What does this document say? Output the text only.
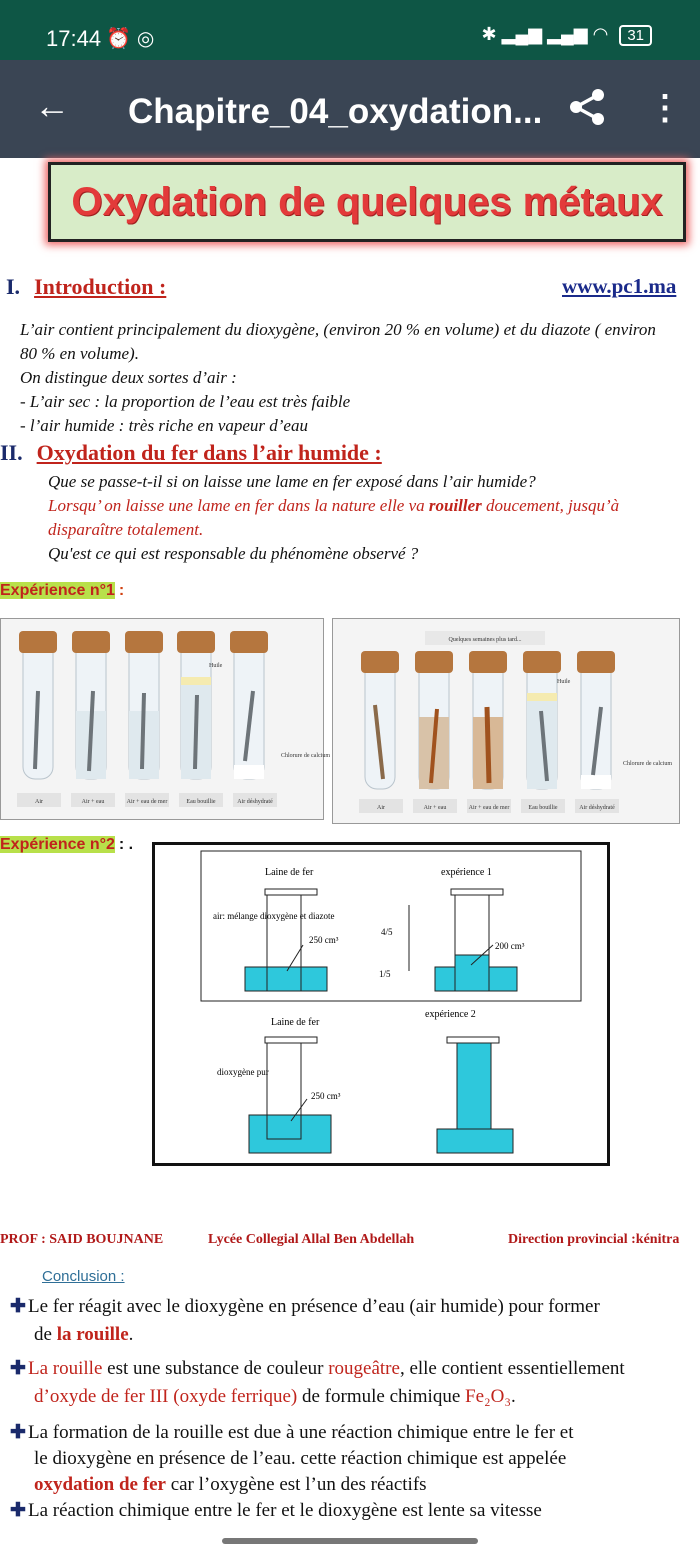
17:44 ⏰◎	✱ ▂▄▆ ▂▄▆ ◠ 31
← Chapitre_04_oxydation...	⋮
Oxydation de quelques métaux
I. Introduction :	www.pc1.ma
L’air contient principalement du dioxygène, (environ 20 % en volume) et du diazote ( environ
80 % en volume).
On distingue deux sortes d’air :
- L’air sec : la proportion de l’eau est très faible
- l’air humide : très riche en vapeur d’eau
II. Oxydation du fer dans l’air humide :
Que se passe-t-il si on laisse une lame en fer exposé dans l’air humide?
Lorsqu’ on laisse une lame en fer dans la nature elle va rouiller doucement, jusqu’à
disparaître totalement.
Qu'est ce qui est responsable du phénomène observé ?
Expérience n°1 :
Huile
Chlorure de calcium
Air	Air + eau	Air + eau de mer	Eau bouillie	Air déshydraté
Quelques semaines plus tard...
Huile
Chlorure de calcium
Air	Air + eau	Air + eau de mer	Eau bouillie	Air déshydraté
Expérience n°2 : .
Laine de fer
air: mélange dioxygène et diazote
250 cm³
expérience 1
4/5
1/5
200 cm³
Laine de fer
dioxygène pur
250 cm³
expérience 2
PROF : SAID BOUJNANE	Lycée Collegial Allal Ben Abdellah	Direction provincial :kénitra
Conclusion :
✚ Le fer réagit avec le dioxygène en présence d’eau (air humide) pour former
de la rouille.
✚ La rouille est une substance de couleur rougeâtre, elle contient essentiellement
d’oxyde de fer III (oxyde ferrique) de formule chimique Fe₂O₃.
✚ La formation de la rouille est due à une réaction chimique entre le fer et
le dioxygène en présence de l’eau. cette réaction chimique est appelée
oxydation de fer car l’oxygène est l’un des réactifs
✚ La réaction chimique entre le fer et le dioxygène est lente sa vitesse
